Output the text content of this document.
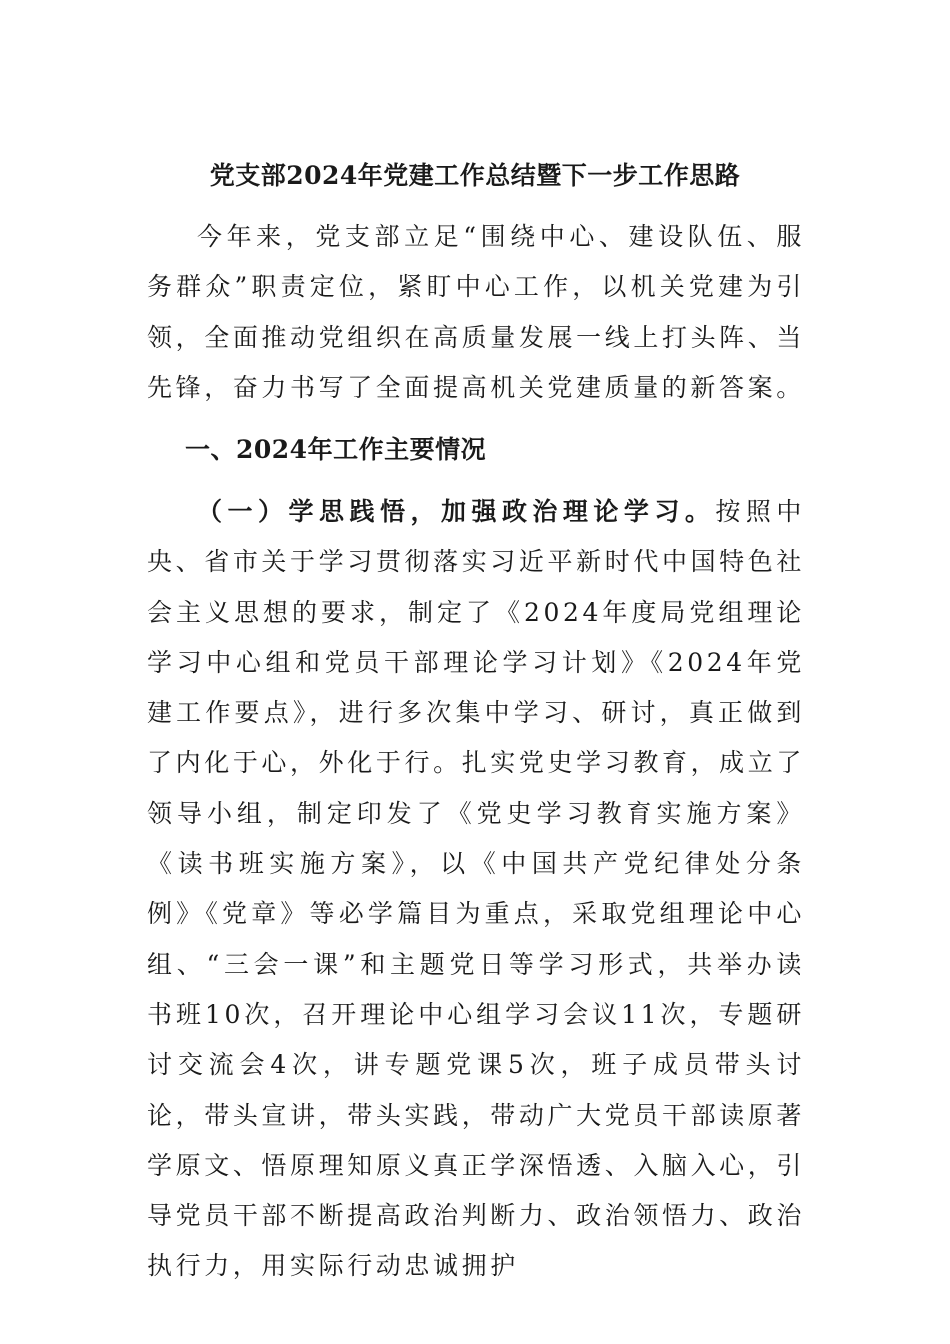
党支部2024年党建工作总结暨下一步工作思路

今年来，党支部立足“围绕中心、建设队伍、服务群众”职责定位，紧盯中心工作，以机关党建为引领，全面推动党组织在高质量发展一线上打头阵、当先锋，奋力书写了全面提高机关党建质量的新答案。

一、2024年工作主要情况

（一）学思践悟，加强政治理论学习。按照中央、省市关于学习贯彻落实习近平新时代中国特色社会主义思想的要求，制定了《2024年度局党组理论学习中心组和党员干部理论学习计划》《2024年党建工作要点》，进行多次集中学习、研讨，真正做到了内化于心，外化于行。扎实党史学习教育，成立了领导小组，制定印发了《党史学习教育实施方案》《读书班实施方案》，以《中国共产党纪律处分条例》《党章》等必学篇目为重点，采取党组理论中心组、“三会一课”和主题党日等学习形式，共举办读书班10次，召开理论中心组学习会议11次，专题研讨交流会4次，讲专题党课5次，班子成员带头讨论，带头宣讲，带头实践，带动广大党员干部读原著学原文、悟原理知原义真正学深悟透、入脑入心，引导党员干部不断提高政治判断力、政治领悟力、政治执行力，用实际行动忠诚拥护
